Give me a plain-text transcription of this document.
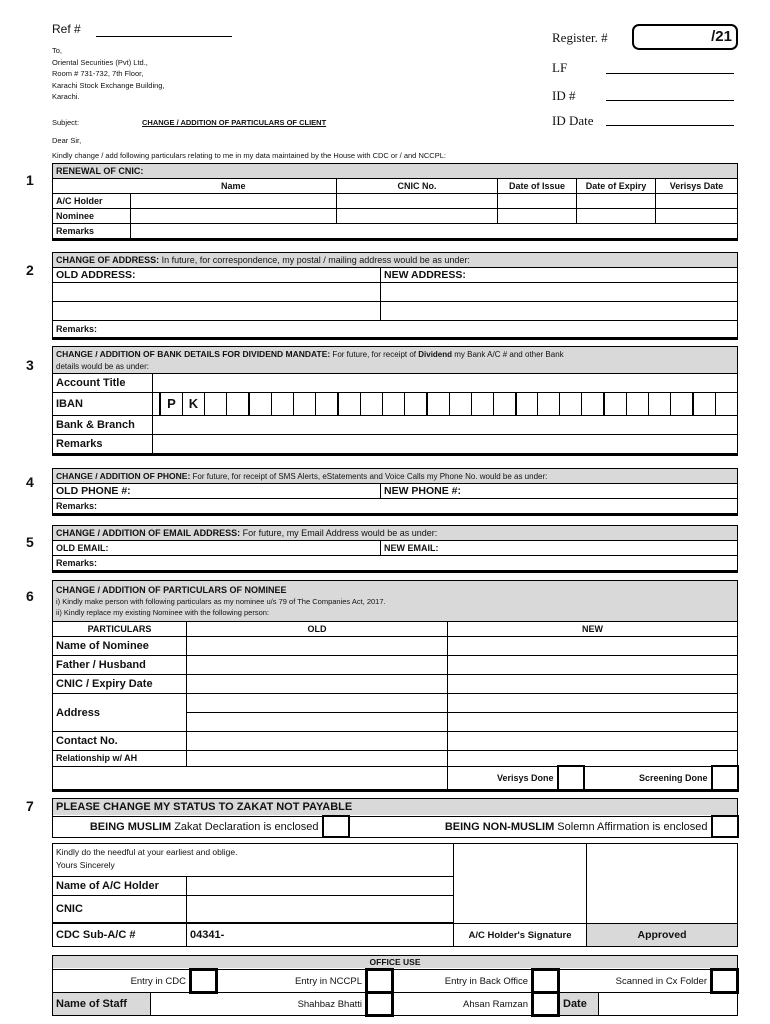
Ref #
To,
Oriental Securities (Pvt) Ltd.,
Room # 731-732, 7th Floor,
Karachi Stock Exchange Building,
Karachi.
Subject:	CHANGE / ADDITION OF PARTICULARS OF CLIENT
Dear Sir,
Kindly change / add following particulars relating to me in my data maintained by the House with CDC or / and NCCPL:
Register. #	/21
LF
ID #
ID Date
1
RENEWAL OF CNIC:					
	Name	CNIC No.	Date of Issue	Date of Expiry	Verisys Date
A/C Holder					
Nominee					
Remarks					
2
CHANGE OF ADDRESS: In future, for correspondence, my postal / mailing address would be as under:	
OLD ADDRESS:	NEW ADDRESS:

Remarks:	
3
CHANGE / ADDITION OF BANK DETAILS FOR DIVIDEND MANDATE: For future, for receipt of Dividend my Bank A/C # and other Bank
details would be as under:	
Account Title	
IBAN	P K

Bank & Branch	
Remarks	
4	CHANGE / ADDITION OF PHONE: For future, for receipt of SMS Alerts, eStatements and Voice Calls my Phone No. would be as under:
OLD PHONE #:	NEW PHONE #:
Remarks:
5
CHANGE / ADDITION OF EMAIL ADDRESS: For future, my Email Address would be as under:
OLD EMAIL:	NEW EMAIL:
Remarks:
6 CHANGE / ADDITION OF PARTICULARS OF NOMINEE
i) Kindly make person with following particulars as my nominee u/s 79 of The Companies Act, 2017.
ii) Kindly replace my existing Nominee with the following person:					
PARTICULARS	OLD	NEW			
Name of Nominee					
Father / Husband					
CNIC / Expiry Date					
Address					

Contact No.					
Relationship w/ AH					
		Verisys Done		Screening Done	
7 PLEASE CHANGE MY STATUS TO ZAKAT NOT PAYABLE
BEING MUSLIM Zakat Declaration is enclosed		BEING NON-MUSLIM Solemn Affirmation is enclosed	
Kindly do the needful at your earliest and oblige.
Yours Sincerely			
Name of A/C Holder			
CNIC			

CDC Sub-A/C #	04341-	A/C Holder's Signature	Approved
OFFICE USE									
Entry in CDC			Entry in NCCPL		Entry in Back Office		Scanned in Cx Folder		
Name of Staff	Shahbaz Bhatti				Ahsan Ramzan		Date		
